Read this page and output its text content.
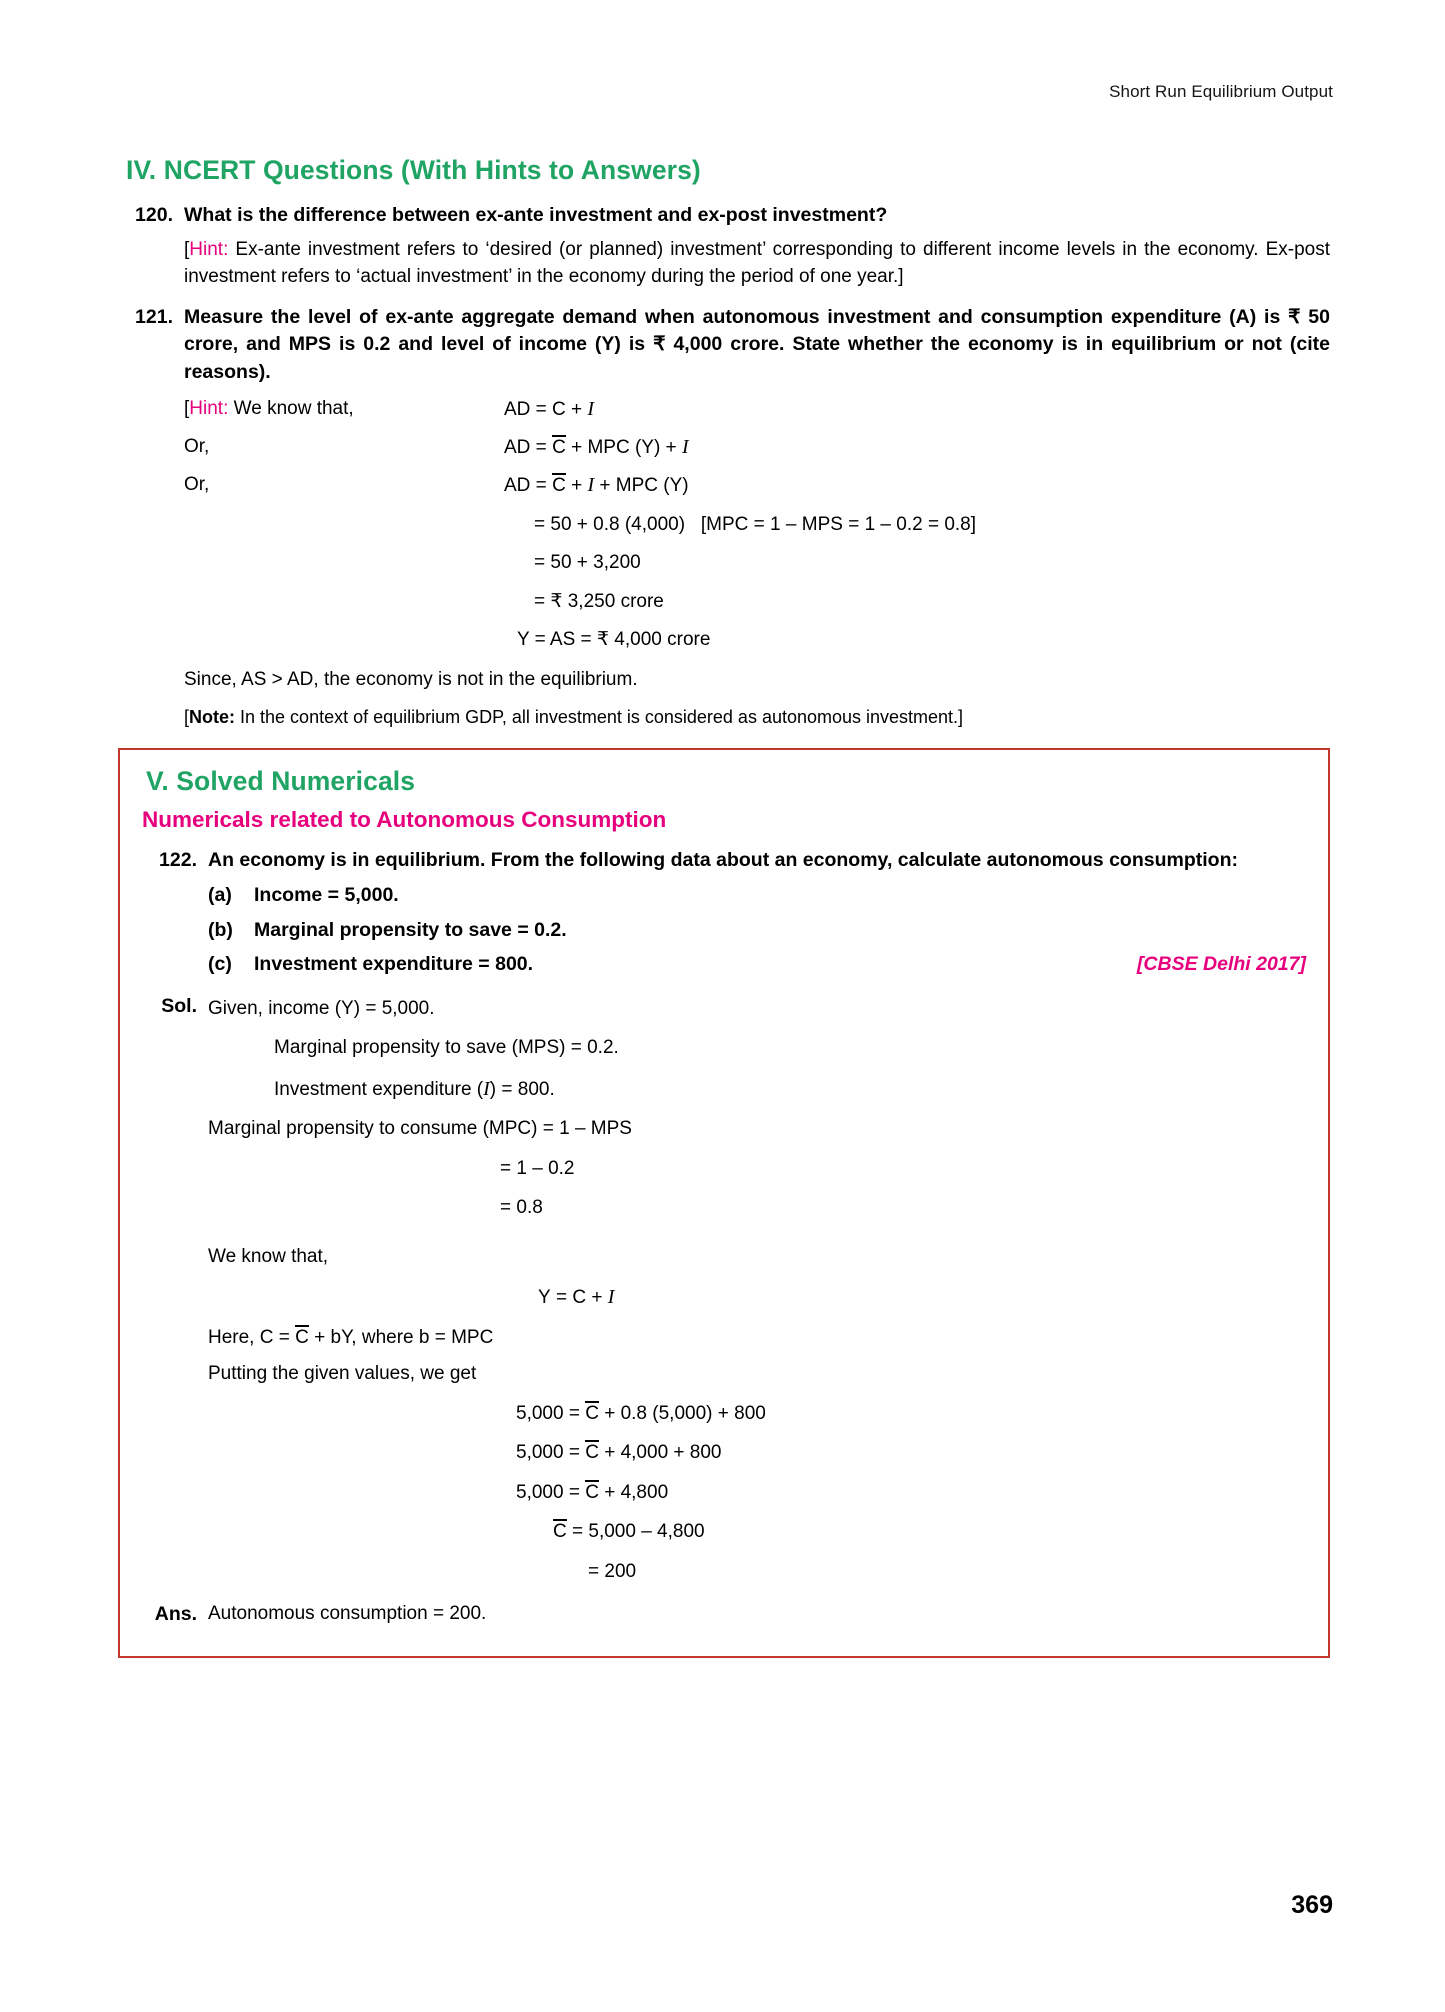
Short Run Equilibrium Output
IV. NCERT Questions (With Hints to Answers)
120. What is the difference between ex-ante investment and ex-post investment?

[Hint: Ex-ante investment refers to ‘desired (or planned) investment’ corresponding to different income levels in the economy. Ex-post investment refers to ‘actual investment’ in the economy during the period of one year.]

121. Measure the level of ex-ante aggregate demand when autonomous investment and consumption expenditure (A) is ₹ 50 crore, and MPS is 0.2 and level of income (Y) is ₹ 4,000 crore. State whether the economy is in equilibrium or not (cite reasons).

[Hint: We know that,	AD = C + I
Or,	AD = C + MPC (Y) + I
Or,	AD = C + I + MPC (Y)
= 50 + 0.8 (4,000) [MPC = 1 – MPS = 1 – 0.2 = 0.8]
= 50 + 3,200
= ₹ 3,250 crore
Y = AS = ₹ 4,000 crore

Since, AS > AD, the economy is not in the equilibrium.

[Note: In the context of equilibrium GDP, all investment is considered as autonomous investment.]

V. Solved Numericals
Numericals related to Autonomous Consumption
122. An economy is in equilibrium. From the following data about an economy, calculate autonomous consumption:

(a)	Income = 5,000.
(b)	Marginal propensity to save = 0.2.
(c)	[CBSE Delhi 2017]
Investment expenditure = 800.
Sol. Given, income (Y) = 5,000.
Marginal propensity to save (MPS) = 0.2.
Investment expenditure (I) = 800.
Marginal propensity to consume (MPC) = 1 – MPS
= 1 – 0.2
= 0.8
We know that,
Y = C + I
Here, C = C + bY, where b = MPC
Putting the given values, we get
5,000 = C + 0.8 (5,000) + 800
5,000 = C + 4,000 + 800
5,000 = C + 4,800
C = 5,000 – 4,800
= 200
Ans. Autonomous consumption = 200.
369
